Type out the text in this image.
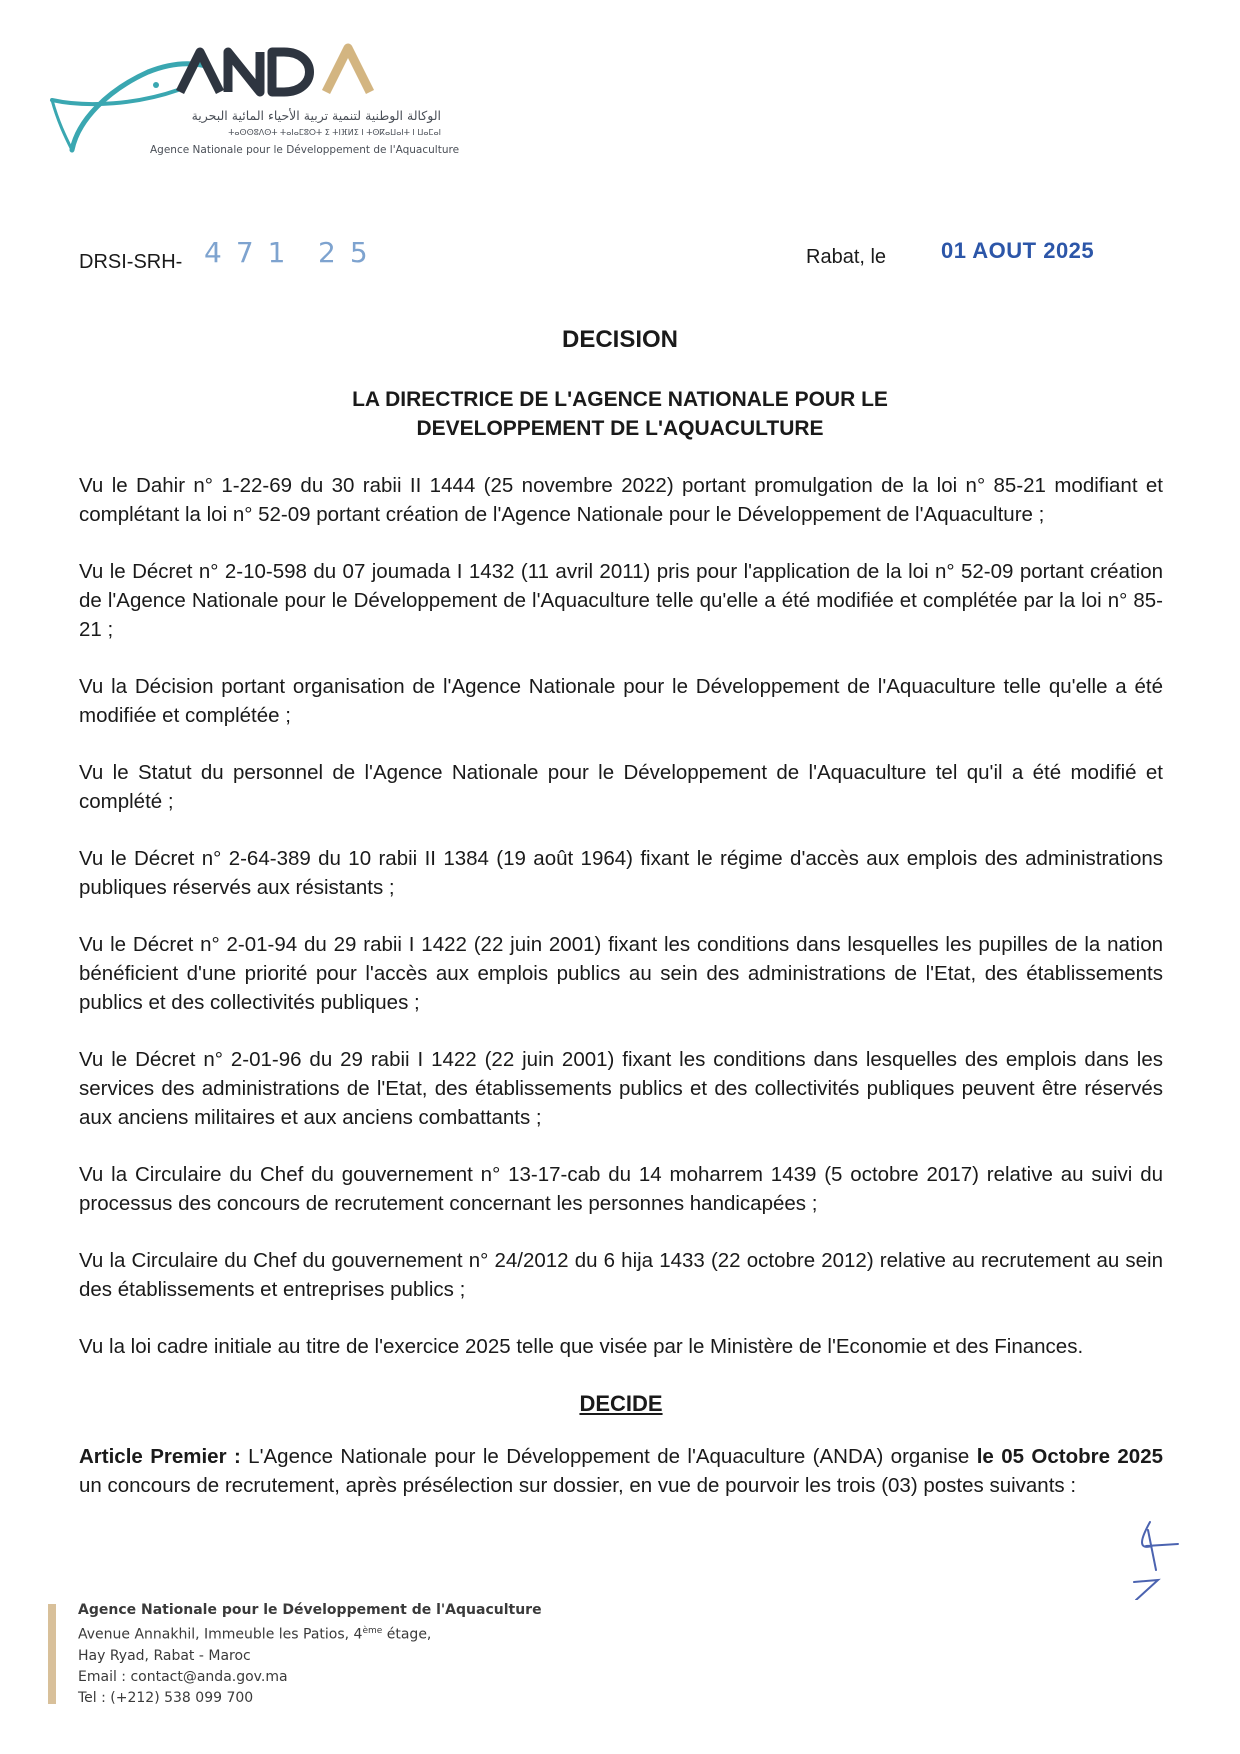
الوكالة الوطنية لتنمية تربية الأحياء المائية البحرية
ⵜⴰⵙⵙⵓⴷⵙⵜ ⵜⴰⵏⴰⵎⵓⵔⵜ ⵉ ⵜⵏⴼⵍⵉ ⵏ ⵜⵙⴽⴰⵡⴰⵏⵜ ⵏ ⵡⴰⵎⴰⵏ
Agence Nationale pour le Développement de l'Aquaculture
DRSI-SRH- 471 25	Rabat, le 01 AOUT 2025
DECISION
LA DIRECTRICE DE L'AGENCE NATIONALE POUR LE
DEVELOPPEMENT DE L'AQUACULTURE

Vu le Dahir n° 1-22-69 du 30 rabii II 1444 (25 novembre 2022) portant promulgation de la loi n° 85-21 modifiant et complétant la loi n° 52-09 portant création de l'Agence Nationale pour le Développement de l'Aquaculture ;

Vu le Décret n° 2-10-598 du 07 joumada I 1432 (11 avril 2011) pris pour l'application de la loi n° 52-09 portant création de l'Agence Nationale pour le Développement de l'Aquaculture telle qu'elle a été modifiée et complétée par la loi n° 85-21 ;

Vu la Décision portant organisation de l'Agence Nationale pour le Développement de l'Aquaculture telle qu'elle a été modifiée et complétée ;

Vu le Statut du personnel de l'Agence Nationale pour le Développement de l'Aquaculture tel qu'il a été modifié et complété ;

Vu le Décret n° 2-64-389 du 10 rabii II 1384 (19 août 1964) fixant le régime d'accès aux emplois des administrations publiques réservés aux résistants ;

Vu le Décret n° 2-01-94 du 29 rabii I 1422 (22 juin 2001) fixant les conditions dans lesquelles les pupilles de la nation bénéficient d'une priorité pour l'accès aux emplois publics au sein des administrations de l'Etat, des établissements publics et des collectivités publiques ;

Vu le Décret n° 2-01-96 du 29 rabii I 1422 (22 juin 2001) fixant les conditions dans lesquelles des emplois dans les services des administrations de l'Etat, des établissements publics et des collectivités publiques peuvent être réservés aux anciens militaires et aux anciens combattants ;

Vu la Circulaire du Chef du gouvernement n° 13-17-cab du 14 moharrem 1439 (5 octobre 2017) relative au suivi du processus des concours de recrutement concernant les personnes handicapées ;

Vu la Circulaire du Chef du gouvernement n° 24/2012 du 6 hija 1433 (22 octobre 2012) relative au recrutement au sein des établissements et entreprises publics ;

Vu la loi cadre initiale au titre de l'exercice 2025 telle que visée par le Ministère de l'Economie et des Finances.

DECIDE

Article Premier : L'Agence Nationale pour le Développement de l'Aquaculture (ANDA) organise le 05 Octobre 2025 un concours de recrutement, après présélection sur dossier, en vue de pourvoir les trois (03) postes suivants :

Agence Nationale pour le Développement de l'Aquaculture
Avenue Annakhil, Immeuble les Patios, 4ème étage,
Hay Ryad, Rabat - Maroc
Email : contact@anda.gov.ma
Tel : (+212) 538 099 700
